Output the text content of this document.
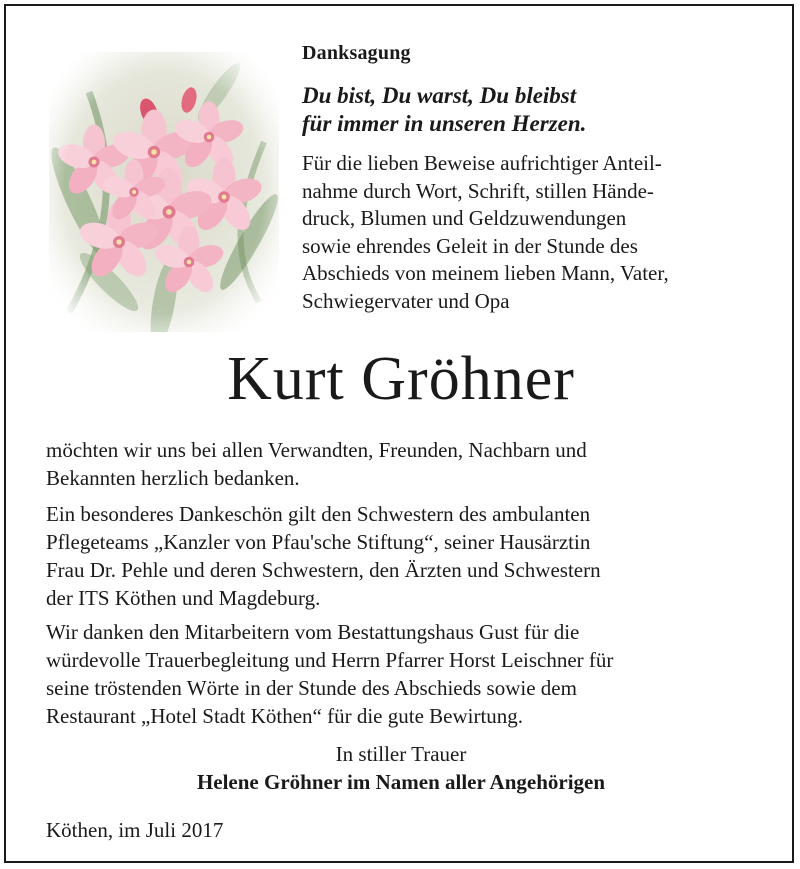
Danksagung

Du bist, Du warst, Du bleibst
für immer in unseren Herzen.

Für die lieben Beweise aufrichtiger Anteil-
nahme durch Wort, Schrift, stillen Hände-
druck, Blumen und Geldzuwendungen
sowie ehrendes Geleit in der Stunde des
Abschieds von meinem lieben Mann, Vater,
Schwiegervater und Opa

Kurt Gröhner

möchten wir uns bei allen Verwandten, Freunden, Nachbarn und
Bekannten herzlich bedanken.

Ein besonderes Dankeschön gilt den Schwestern des ambulanten
Pflegeteams „Kanzler von Pfau'sche Stiftung“, seiner Hausärztin
Frau Dr. Pehle und deren Schwestern, den Ärzten und Schwestern
der ITS Köthen und Magdeburg.

Wir danken den Mitarbeitern vom Bestattungshaus Gust für die
würdevolle Trauerbegleitung und Herrn Pfarrer Horst Leischner für
seine tröstenden Wörte in der Stunde des Abschieds sowie dem
Restaurant „Hotel Stadt Köthen“ für die gute Bewirtung.

In stiller Trauer

Helene Gröhner im Namen aller Angehörigen

Köthen, im Juli 2017
